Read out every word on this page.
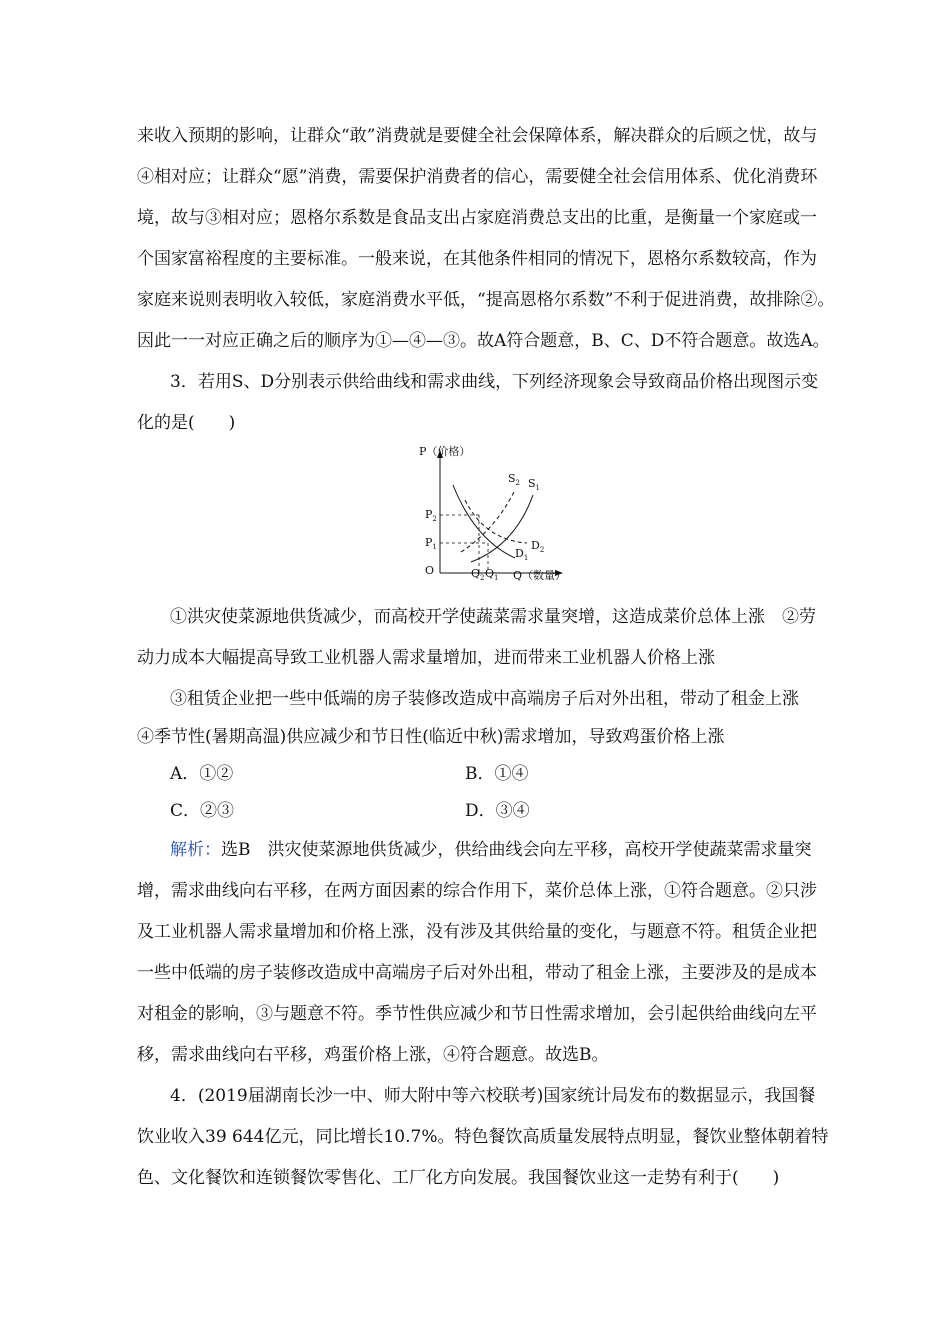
来收入预期的影响，让群众“敢”消费就是要健全社会保障体系，解决群众的后顾之忧，故与
④相对应；让群众“愿”消费，需要保护消费者的信心，需要健全社会信用体系、优化消费环
境，故与③相对应；恩格尔系数是食品支出占家庭消费总支出的比重，是衡量一个家庭或一
个国家富裕程度的主要标准。一般来说，在其他条件相同的情况下，恩格尔系数较高，作为
家庭来说则表明收入较低，家庭消费水平低，“提高恩格尔系数”不利于促进消费，故排除②。
因此一一对应正确之后的顺序为①—④—③。故A符合题意，B、C、D不符合题意。故选A。
3．若用S、D分别表示供给曲线和需求曲线，下列经济现象会导致商品价格出现图示变
化的是(　　)
P（价格）
Q（数量）
O
$P_2$
$P_1$
$Q_2$ $Q_1$
$S_2$ $S_1$
$D_1$
$D_2$
①洪灾使菜源地供货减少，而高校开学使蔬菜需求量突增，这造成菜价总体上涨　②劳
动力成本大幅提高导致工业机器人需求量增加，进而带来工业机器人价格上涨
③租赁企业把一些中低端的房子装修改造成中高端房子后对外出租，带动了租金上涨
④季节性(暑期高温)供应减少和节日性(临近中秋)需求增加，导致鸡蛋价格上涨
A．①②	B．①④
C．②③	D．③④
解析：选B　洪灾使菜源地供货减少，供给曲线会向左平移，高校开学使蔬菜需求量突
增，需求曲线向右平移，在两方面因素的综合作用下，菜价总体上涨，①符合题意。②只涉
及工业机器人需求量增加和价格上涨，没有涉及其供给量的变化，与题意不符。租赁企业把
一些中低端的房子装修改造成中高端房子后对外出租，带动了租金上涨，主要涉及的是成本
对租金的影响，③与题意不符。季节性供应减少和节日性需求增加，会引起供给曲线向左平
移，需求曲线向右平移，鸡蛋价格上涨，④符合题意。故选B。
4．(2019届湖南长沙一中、师大附中等六校联考)国家统计局发布的数据显示，我国餐
饮业收入39 644亿元，同比增长10.7%。特色餐饮高质量发展特点明显，餐饮业整体朝着特
色、文化餐饮和连锁餐饮零售化、工厂化方向发展。我国餐饮业这一走势有利于(　　)
